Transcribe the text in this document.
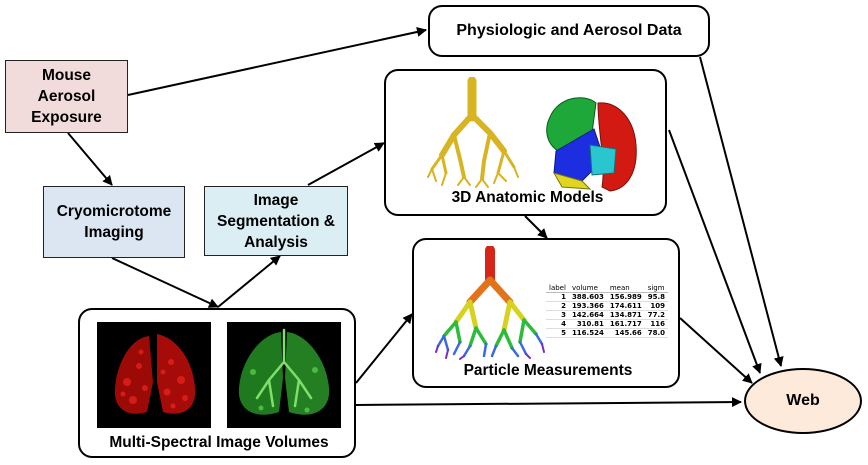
Mouse
Aerosol
Exposure
Physiologic and Aerosol Data
Cryomicrotome
Imaging
Image
Segmentation &
Analysis
3D Anatomic Models
label	volume	mean	sigm
1	388.603	156.989	95.8
2	193.366	174.611	109
3	142.664	134.871	77.2
4	310.81	161.717	116
5	116.524	145.66	78.0
Particle Measurements
Multi-Spectral Image Volumes
Web
